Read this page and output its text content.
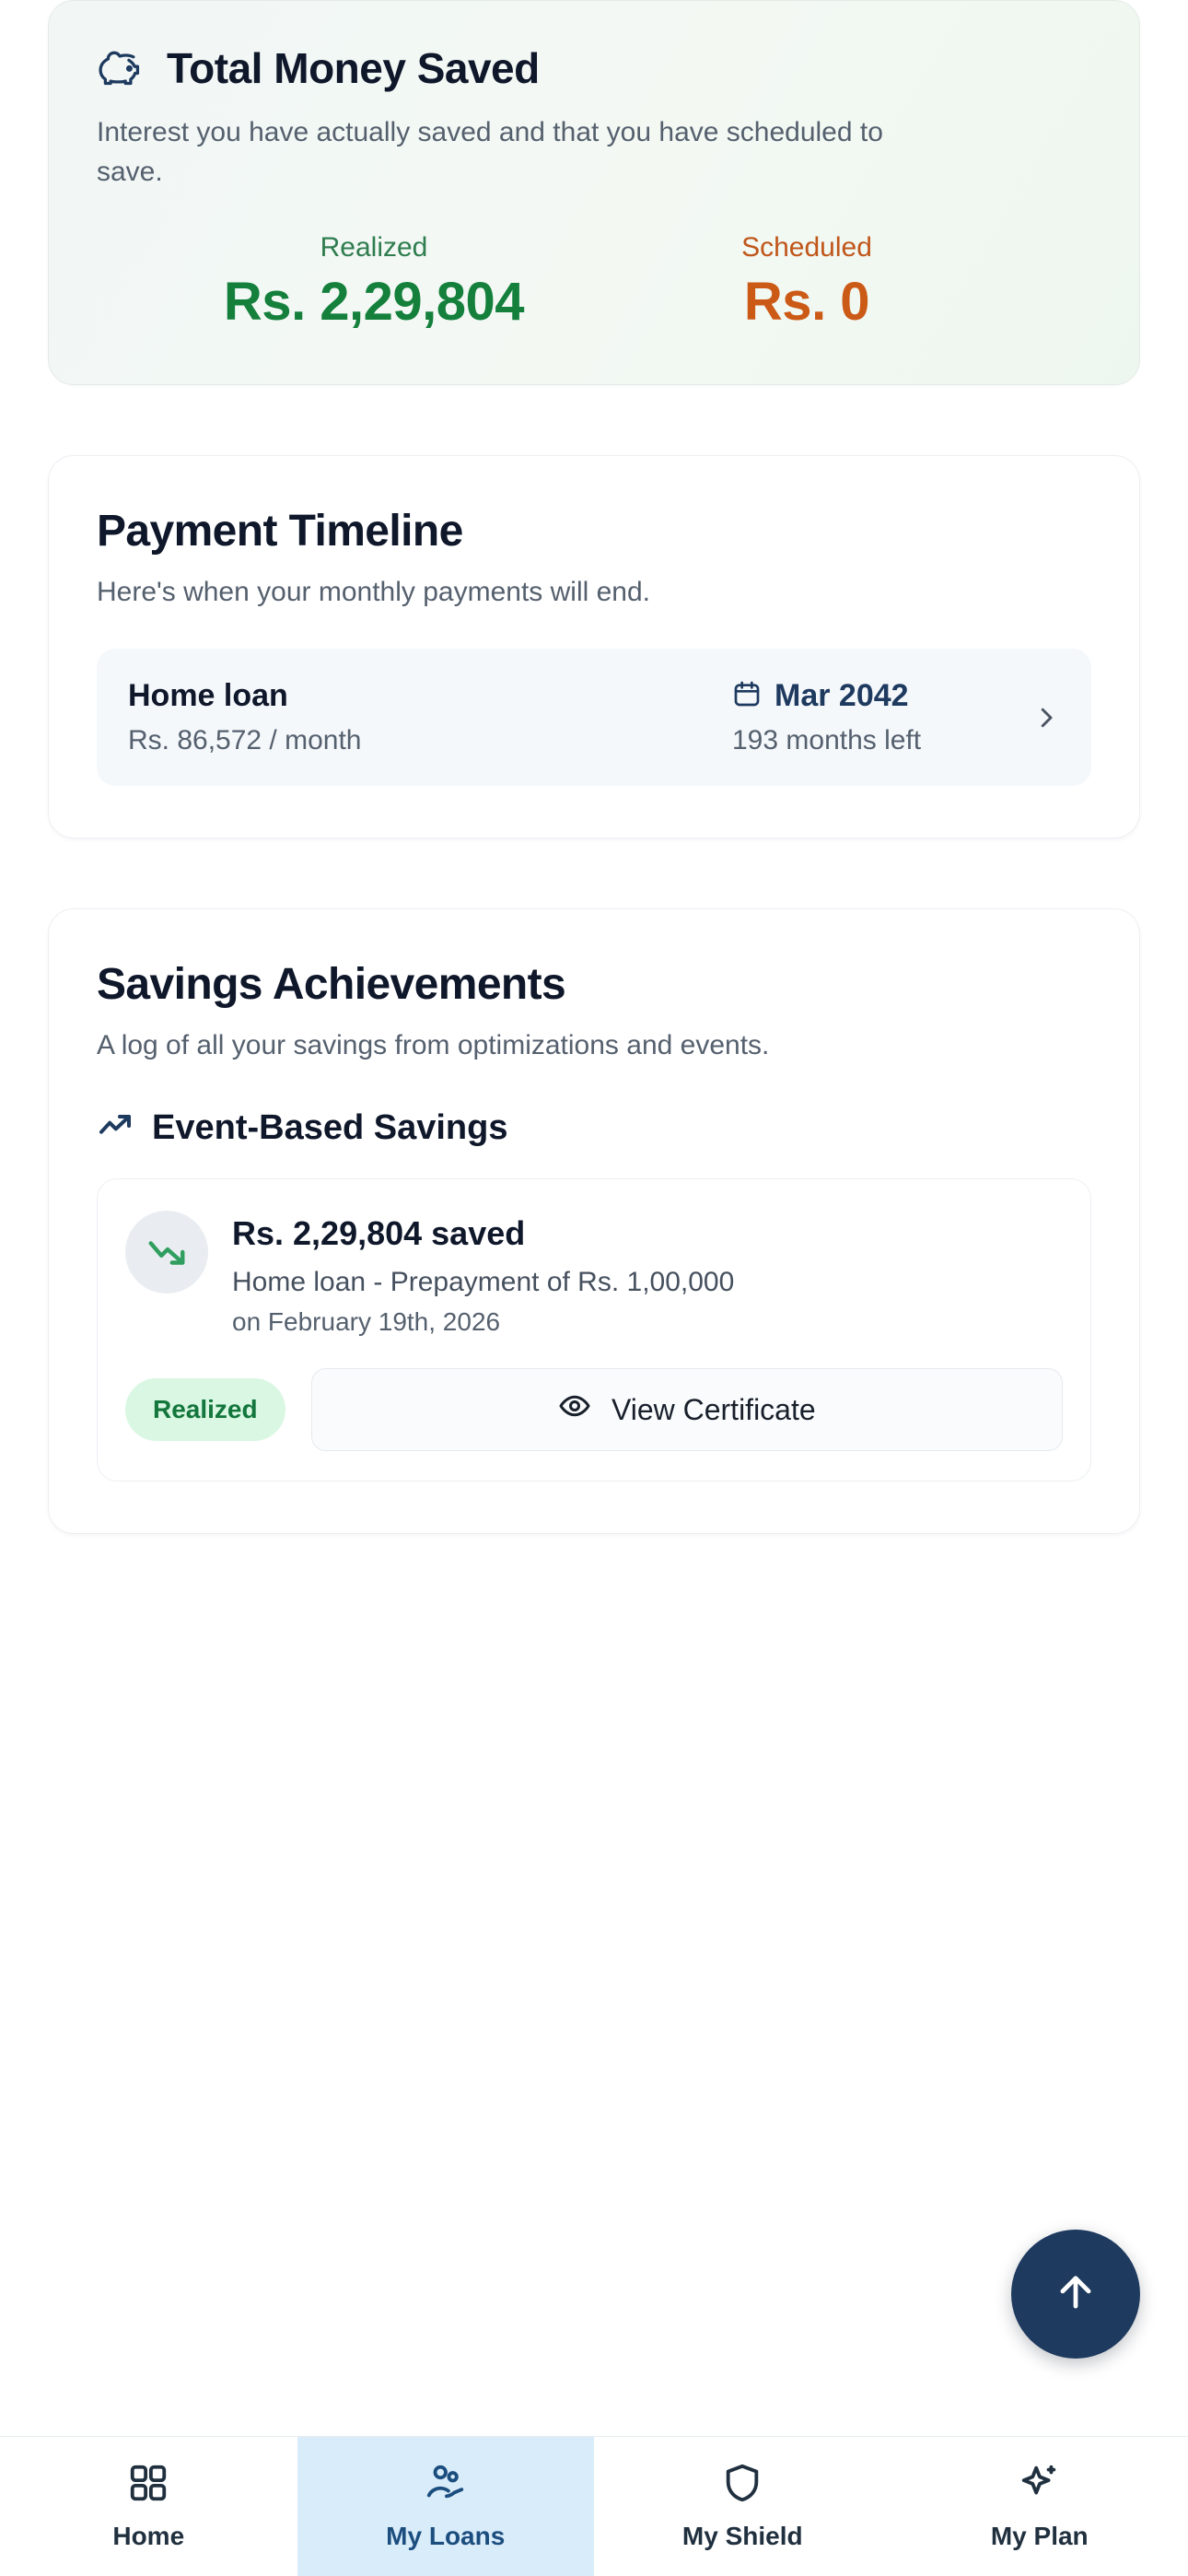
Total Money Saved

Interest you have actually saved and that you have scheduled to save.

Realized
Rs. 2,29,804
Scheduled
Rs. 0
Payment Timeline

Here's when your monthly payments will end.

Home loan
Rs. 86,572 / month
Mar 2042
193 months left
Savings Achievements

A log of all your savings from optimizations and events.

Event-Based Savings
Rs. 2,29,804 saved
Home loan - Prepayment of Rs. 1,00,000
on February 19th, 2026
Realized	View Certificate
Home	My Loans	My Shield	My Plan
